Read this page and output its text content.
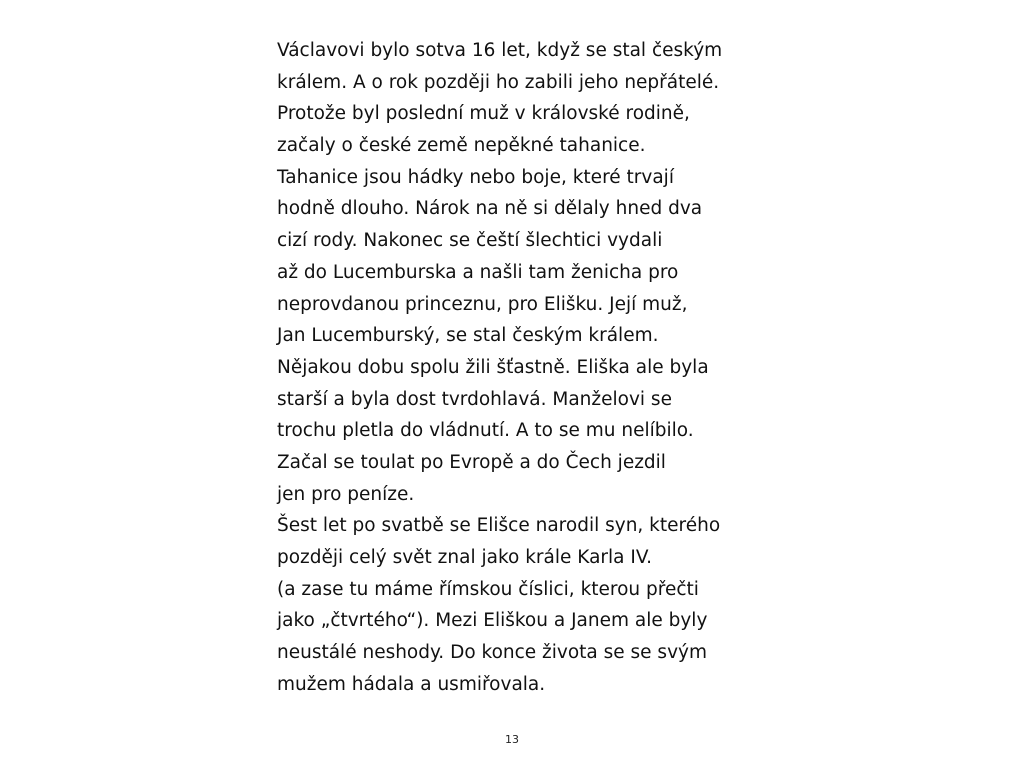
Václavovi bylo sotva 16 let, když se stal českým
králem. A o rok později ho zabili jeho nepřátelé.
Protože byl poslední muž v královské rodině,
začaly o české země nepěkné tahanice.
Tahanice jsou hádky nebo boje, které trvají
hodně dlouho. Nárok na ně si dělaly hned dva
cizí rody. Nakonec se čeští šlechtici vydali
až do Lucemburska a našli tam ženicha pro
neprovdanou princeznu, pro Elišku. Její muž,
Jan Lucemburský, se stal českým králem.
Nějakou dobu spolu žili šťastně. Eliška ale byla
starší a byla dost tvrdohlavá. Manželovi se
trochu pletla do vládnutí. A to se mu nelíbilo.
Začal se toulat po Evropě a do Čech jezdil
jen pro peníze.
Šest let po svatbě se Elišce narodil syn, kterého
později celý svět znal jako krále Karla IV.
(a zase tu máme římskou číslici, kterou přečti
jako „čtvrtého“). Mezi Eliškou a Janem ale byly
neustálé neshody. Do konce života se se svým
mužem hádala a usmiřovala.
13
